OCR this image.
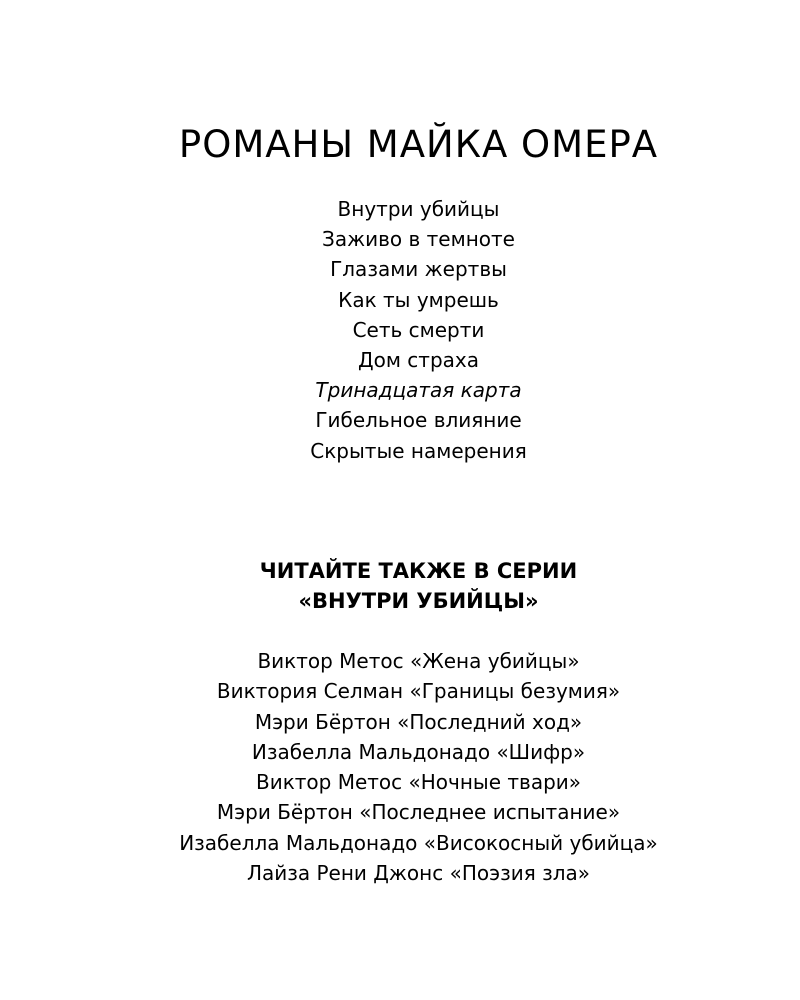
РОМАНЫ МАЙКА ОМЕРА
Внутри убийцы
Заживо в темноте
Глазами жертвы
Как ты умрешь
Сеть смерти
Дом страха
Тринадцатая карта
Гибельное влияние
Скрытые намерения
ЧИТАЙТЕ ТАКЖЕ В СЕРИИ
«ВНУТРИ УБИЙЦЫ»
Виктор Метос «Жена убийцы»
Виктория Селман «Границы безумия»
Мэри Бёртон «Последний ход»
Изабелла Мальдонадо «Шифр»
Виктор Метос «Ночные твари»
Мэри Бёртон «Последнее испытание»
Изабелла Мальдонадо «Високосный убийца»
Лайза Рени Джонс «Поэзия зла»
